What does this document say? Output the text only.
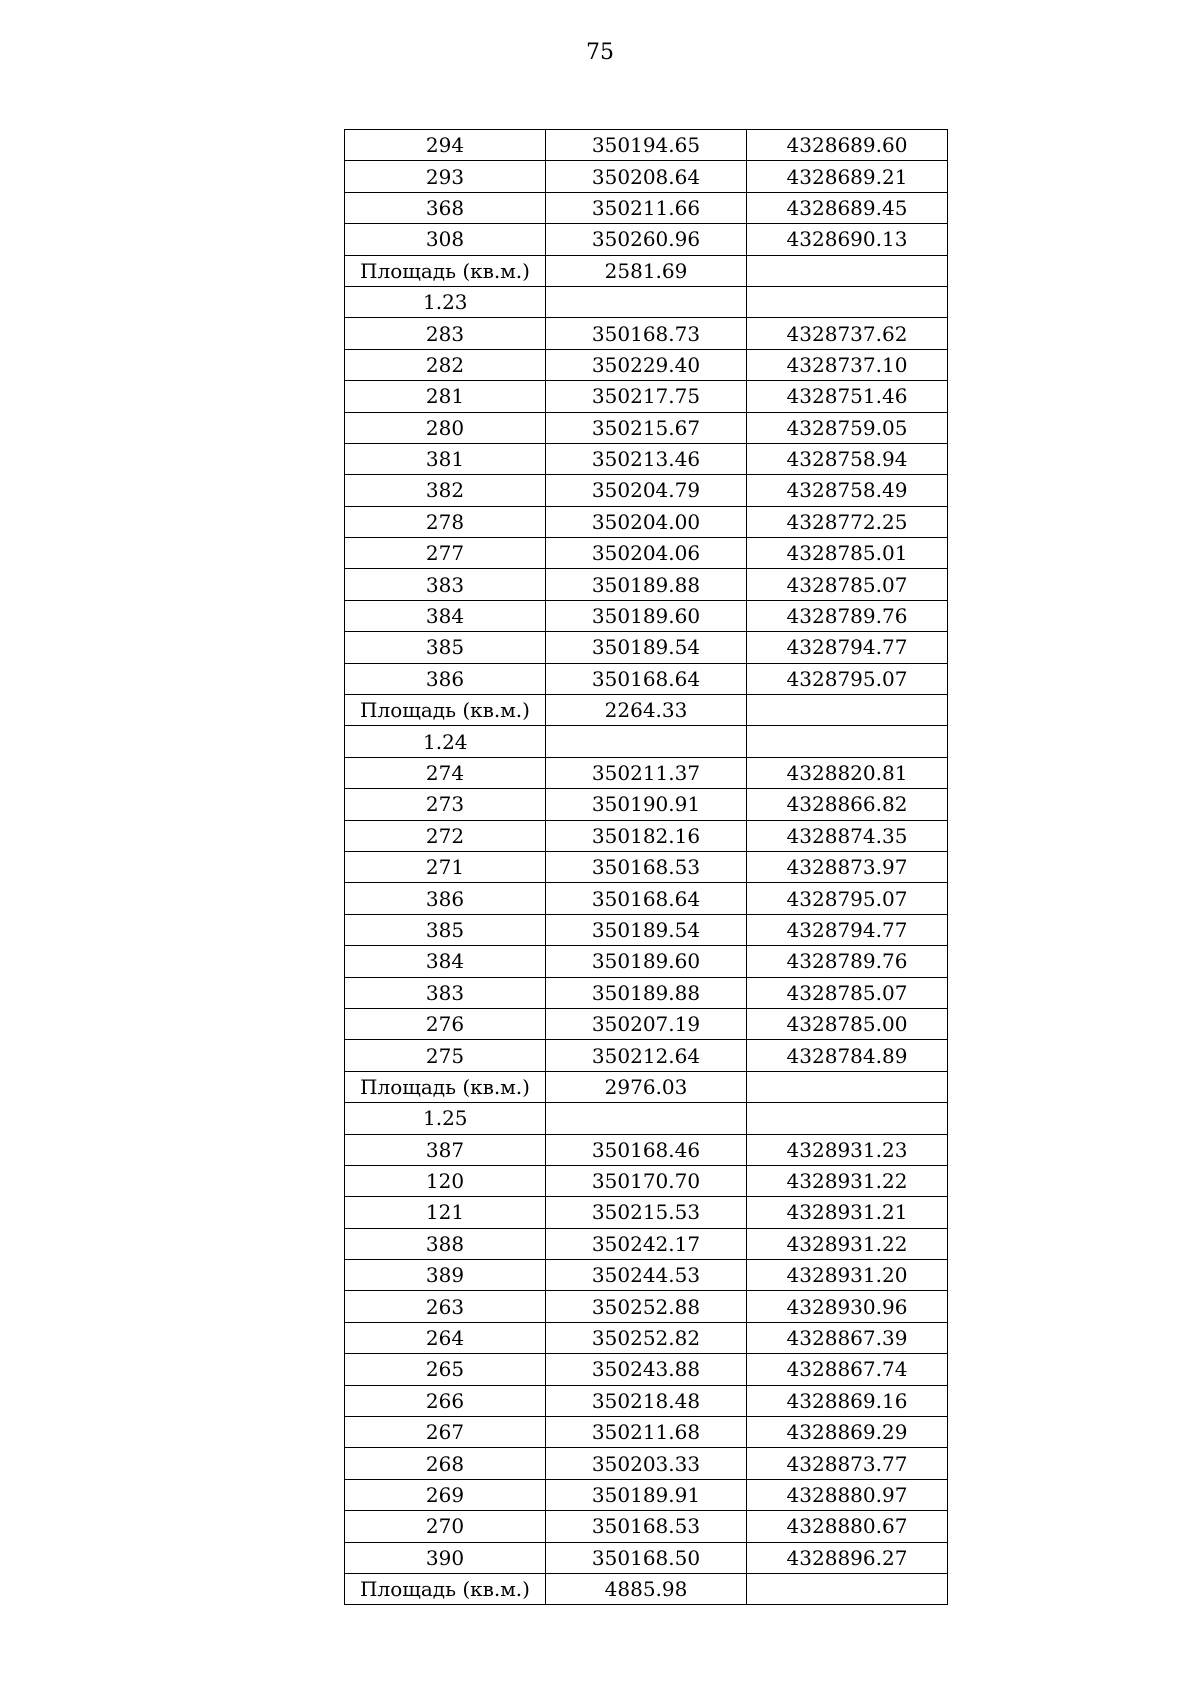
75
294	350194.65	4328689.60
293	350208.64	4328689.21
368	350211.66	4328689.45
308	350260.96	4328690.13
Площадь (кв.м.)	2581.69	
1.23		
283	350168.73	4328737.62
282	350229.40	4328737.10
281	350217.75	4328751.46
280	350215.67	4328759.05
381	350213.46	4328758.94
382	350204.79	4328758.49
278	350204.00	4328772.25
277	350204.06	4328785.01
383	350189.88	4328785.07
384	350189.60	4328789.76
385	350189.54	4328794.77
386	350168.64	4328795.07
Площадь (кв.м.)	2264.33	
1.24		
274	350211.37	4328820.81
273	350190.91	4328866.82
272	350182.16	4328874.35
271	350168.53	4328873.97
386	350168.64	4328795.07
385	350189.54	4328794.77
384	350189.60	4328789.76
383	350189.88	4328785.07
276	350207.19	4328785.00
275	350212.64	4328784.89
Площадь (кв.м.)	2976.03	
1.25		
387	350168.46	4328931.23
120	350170.70	4328931.22
121	350215.53	4328931.21
388	350242.17	4328931.22
389	350244.53	4328931.20
263	350252.88	4328930.96
264	350252.82	4328867.39
265	350243.88	4328867.74
266	350218.48	4328869.16
267	350211.68	4328869.29
268	350203.33	4328873.77
269	350189.91	4328880.97
270	350168.53	4328880.67
390	350168.50	4328896.27
Площадь (кв.м.)	4885.98	
